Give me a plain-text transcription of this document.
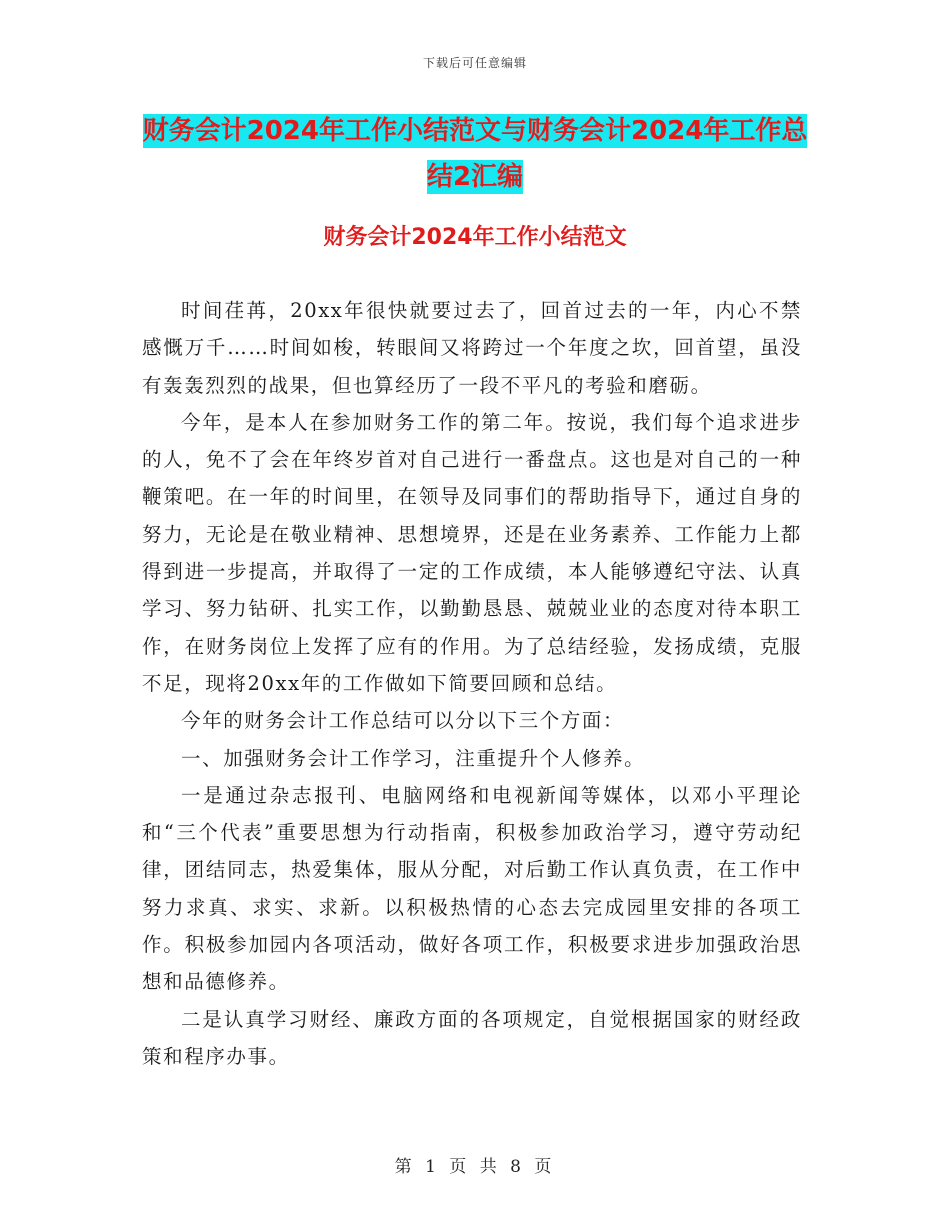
下载后可任意编辑
财务会计2024年工作小结范文与财务会计2024年工作总结2汇编
财务会计2024年工作小结范文

时间荏苒，20xx年很快就要过去了，回首过去的一年，内心不禁感慨万千……时间如梭，转眼间又将跨过一个年度之坎，回首望，虽没有轰轰烈烈的战果，但也算经历了一段不平凡的考验和磨砺。

今年，是本人在参加财务工作的第二年。按说，我们每个追求进步的人，免不了会在年终岁首对自己进行一番盘点。这也是对自己的一种鞭策吧。在一年的时间里，在领导及同事们的帮助指导下，通过自身的努力，无论是在敬业精神、思想境界，还是在业务素养、工作能力上都得到进一步提高，并取得了一定的工作成绩，本人能够遵纪守法、认真学习、努力钻研、扎实工作，以勤勤恳恳、兢兢业业的态度对待本职工作，在财务岗位上发挥了应有的作用。为了总结经验，发扬成绩，克服不足，现将20xx年的工作做如下简要回顾和总结。

今年的财务会计工作总结可以分以下三个方面：

一、加强财务会计工作学习，注重提升个人修养。

一是通过杂志报刊、电脑网络和电视新闻等媒体，以邓小平理论和“三个代表”重要思想为行动指南，积极参加政治学习，遵守劳动纪律，团结同志，热爱集体，服从分配，对后勤工作认真负责，在工作中努力求真、求实、求新。以积极热情的心态去完成园里安排的各项工作。积极参加园内各项活动，做好各项工作，积极要求进步加强政治思想和品德修养。

二是认真学习财经、廉政方面的各项规定，自觉根据国家的财经政策和程序办事。

第 1 页 共 8 页
